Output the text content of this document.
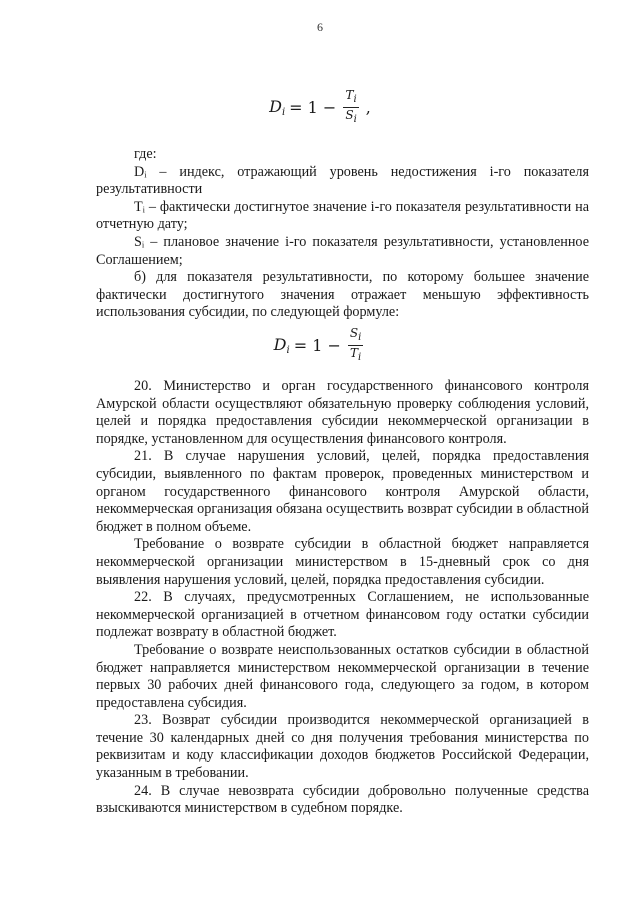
6
$D_i = 1 - \frac{T_i}{S_i}$ ,

где:

Dᵢ – индекс, отражающий уровень недостижения i-го показателя результативности

Tᵢ – фактически достигнутое значение i-го показателя результативности на отчетную дату;

Sᵢ – плановое значение i-го показателя результативности, установленное Соглашением;

б) для показателя результативности, по которому большее значение фактически достигнутого значения отражает меньшую эффективность использования субсидии, по следующей формуле:

$D_i = 1 - \frac{S_i}{T_i}$

20. Министерство и орган государственного финансового контроля Амурской области осуществляют обязательную проверку соблюдения условий, целей и порядка предоставления субсидии некоммерческой организации в порядке, установленном для осуществления финансового контроля.

21. В случае нарушения условий, целей, порядка предоставления субсидии, выявленного по фактам проверок, проведенных министерством и органом государственного финансового контроля Амурской области, некоммерческая организация обязана осуществить возврат субсидии в областной бюджет в полном объеме.

Требование о возврате субсидии в областной бюджет направляется некоммерческой организации министерством в 15-дневный срок со дня выявления нарушения условий, целей, порядка предоставления субсидии.

22. В случаях, предусмотренных Соглашением, не использованные некоммерческой организацией в отчетном финансовом году остатки субсидии подлежат возврату в областной бюджет.

Требование о возврате неиспользованных остатков субсидии в областной бюджет направляется министерством некоммерческой организации в течение первых 30 рабочих дней финансового года, следующего за годом, в котором предоставлена субсидия.

23. Возврат субсидии производится некоммерческой организацией в течение 30 календарных дней со дня получения требования министерства по реквизитам и коду классификации доходов бюджетов Российской Федерации, указанным в требовании.

24. В случае невозврата субсидии добровольно полученные средства взыскиваются министерством в судебном порядке.
